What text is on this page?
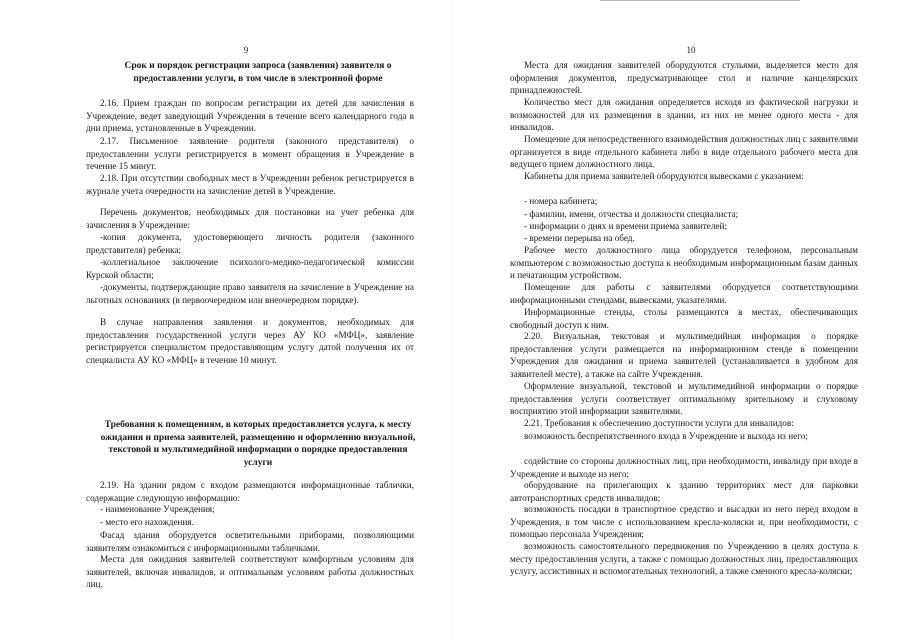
9
Срок и порядок регистрации запроса (заявления) заявителя о предоставлении услуги, в том числе в электронной форме

2.16. Прием граждан по вопросам регистрации их детей для зачисления в Учреждение, ведет заведующий Учреждения в течение всего календарного года в дни приема, установленные в Учреждении.

2.17. Письменное заявление родителя (законного представителя) о предоставлении услуги регистрируется в момент обращения в Учреждение в течение 15 минут.

2.18. При отсутствии свободных мест в Учреждении ребенок регистрируется в журнале учета очередности на зачисление детей в Учреждение.

Перечень документов, необходимых для постановки на учет ребенка для зачисления в Учреждение:

-копия документа, удостоверяющего личность родителя (законного представителя) ребенка;

-коллегиальное заключение психолого-медико-педагогической комиссии Курской области;

-документы, подтверждающие право заявителя на зачисление в Учреждение на льготных основаниях (в первоочередном или внеочередном порядке).

В случае направления заявления и документов, необходимых для предоставления государственной услуги через АУ КО «МФЦ», заявление регистрируется специалистом предоставляющим услугу датой получения их от специалиста АУ КО «МФЦ» в течение 10 минут.

Требования к помещениям, в которых предоставляется услуга, к месту ожидания и приема заявителей, размещению и оформлению визуальной, текстовой и мультимедийной информации о порядке предоставления услуги

2.19. На здании рядом с входом размещаются информационные таблички, содержащие следующую информацию:

- наименование Учреждения;

- место его нахождения.

Фасад здания оборудуется осветительными приборами, позволяющими заявителям ознакомиться с информационными табличками.

Места для ожидания заявителей соответствуют комфортным условиям для заявителей, включая инвалидов, и оптимальным условиям работы должностных лиц.

10

Места для ожидания заявителей оборудуются стульями, выделяется место для оформления документов, предусматривающее стол и наличие канцелярских принадлежностей.

Количество мест для ожидания определяется исходя из фактической нагрузки и возможностей для их размещения в здании, из них не менее одного места - для инвалидов.

Помещение для непосредственного взаимодействия должностных лиц с заявителями организуется в виде отдельного кабинета либо в виде отдельного рабочего места для ведущего прием должностного лица.

Кабинеты для приема заявителей оборудуются вывесками с указанием:

- номера кабинета;

- фамилии, имени, отчества и должности специалиста;

- информации о днях и времени приема заявителей;

- времени перерыва на обед.

Рабочее место должностного лица оборудуется телефоном, персональным компьютером с возможностью доступа к необходимым информационным базам данных и печатающим устройством.

Помещение для работы с заявителями оборудуется соответствующими информационными стендами, вывесками, указателями.

Информационные стенды, столы размещаются в местах, обеспечивающих свободный доступ к ним.

2.20. Визуальная, текстовая и мультимедийная информация о порядке предоставления услуги размещается на информационном стенде в помещении Учреждения для ожидания и приема заявителей (устанавливается в удобном для заявителей месте), а также на сайте Учреждения.

Оформление визуальной, текстовой и мультимедийной информации о порядке предоставления услуги соответствует оптимальному зрительному и слуховому восприятию этой информации заявителями.

2.21. Требования к обеспечению доступности услуги для инвалидов:

возможность беспрепятственного входа в Учреждение и выхода из него;

содействие со стороны должностных лиц, при необходимости, инвалиду при входе в Учреждение и выходе из него;

оборудование на прилегающих к зданию территориях мест для парковки автотранспортных средств инвалидов;

возможность посадки в транспортное средство и высадки из него перед входом в Учреждения, в том числе с использованием кресла-коляски и, при необходимости, с помощью персонала Учреждения;

возможность самостоятельного передвижения по Учреждению в целях доступа к месту предоставления услуги, а также с помощью должностных лиц, предоставляющих услугу, ассистивных и вспомогательных технологий, а также сменного кресла-коляски;
